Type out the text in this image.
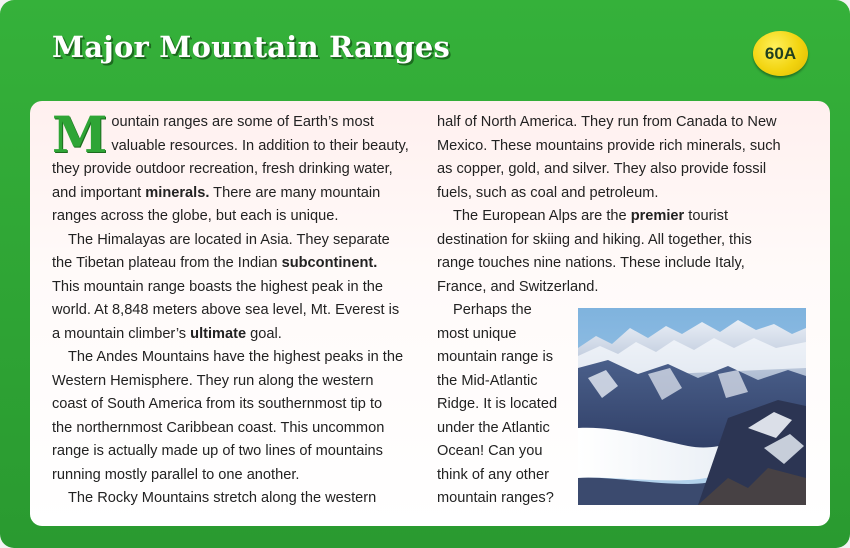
Major Mountain Ranges	60A
M ountain ranges are some of Earth’s most
valuable resources. In addition to their beauty,
they provide outdoor recreation, fresh drinking water,
and important minerals. There are many mountain
ranges across the globe, but each is unique.
The Himalayas are located in Asia. They separate
the Tibetan plateau from the Indian subcontinent.
This mountain range boasts the highest peak in the
world. At 8,848 meters above sea level, Mt. Everest is
a mountain climber’s ultimate goal.
The Andes Mountains have the highest peaks in the
Western Hemisphere. They run along the western
coast of South America from its southernmost tip to
the northernmost Caribbean coast. This uncommon
range is actually made up of two lines of mountains
running mostly parallel to one another.
The Rocky Mountains stretch along the western
half of North America. They run from Canada to New
Mexico. These mountains provide rich minerals, such
as copper, gold, and silver. They also provide fossil
fuels, such as coal and petroleum.
The European Alps are the premier tourist
destination for skiing and hiking. All together, this
range touches nine nations. These include Italy,
France, and Switzerland.
Perhaps the
most unique
mountain range is
the Mid-Atlantic
Ridge. It is located
under the Atlantic
Ocean! Can you
think of any other
mountain ranges?
